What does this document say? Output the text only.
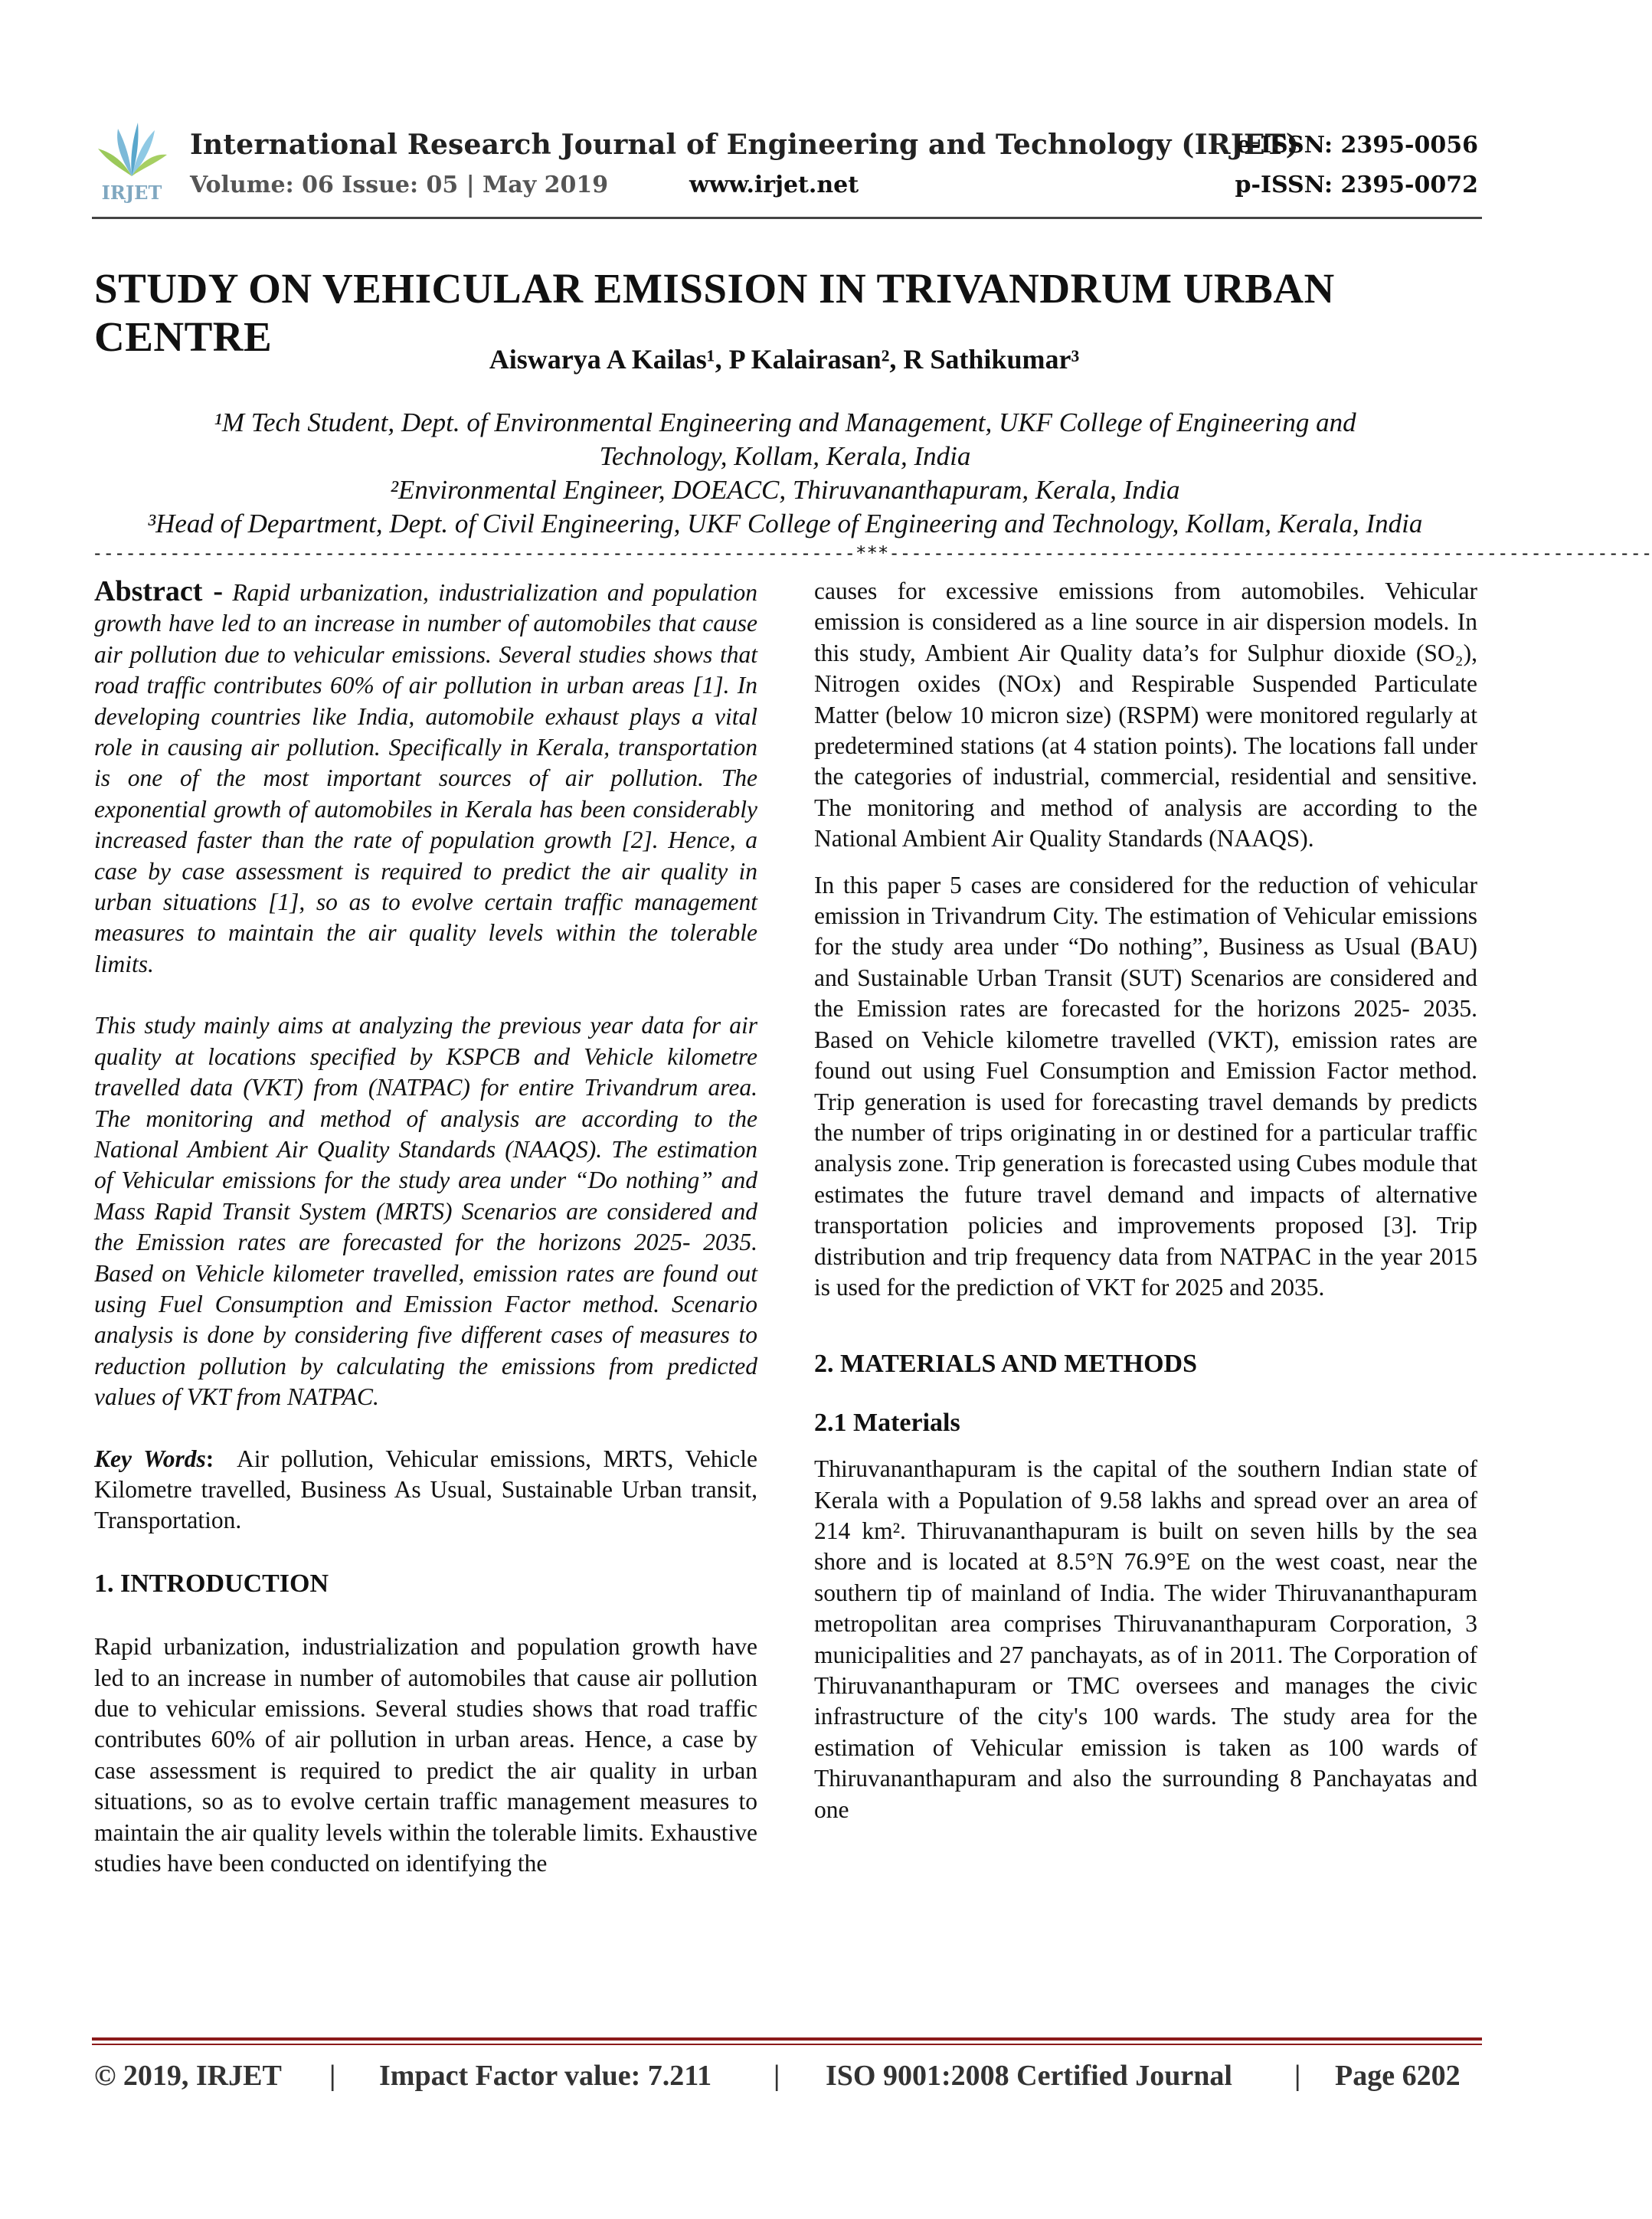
IRJET
International Research Journal of Engineering and Technology (IRJET)
e-ISSN: 2395-0056
Volume: 06 Issue: 05 | May 2019	www.irjet.net	p-ISSN: 2395-0072
STUDY ON VEHICULAR EMISSION IN TRIVANDRUM URBAN CENTRE	Aiswarya A Kailas¹, P Kalairasan², R Sathikumar³
¹M Tech Student, Dept. of Environmental Engineering and Management, UKF College of Engineering and
Technology, Kollam, Kerala, India
²Environmental Engineer, DOEACC, Thiruvananthapuram, Kerala, India
³Head of Department, Dept. of Civil Engineering, UKF College of Engineering and Technology, Kollam, Kerala, India
---------------------------------------------------------------------***---------------------------------------------------------------------

Abstract - Rapid urbanization, industrialization and population growth have led to an increase in number of automobiles that cause air pollution due to vehicular emissions. Several studies shows that road traffic contributes 60% of air pollution in urban areas [1]. In developing countries like India, automobile exhaust plays a vital role in causing air pollution. Specifically in Kerala, transportation is one of the most important sources of air pollution. The exponential growth of automobiles in Kerala has been considerably increased faster than the rate of population growth [2]. Hence, a case by case assessment is required to predict the air quality in urban situations [1], so as to evolve certain traffic management measures to maintain the air quality levels within the tolerable limits.

This study mainly aims at analyzing the previous year data for air quality at locations specified by KSPCB and Vehicle kilometre travelled data (VKT) from (NATPAC) for entire Trivandrum area. The monitoring and method of analysis are according to the National Ambient Air Quality Standards (NAAQS). The estimation of Vehicular emissions for the study area under “Do nothing” and Mass Rapid Transit System (MRTS) Scenarios are considered and the Emission rates are forecasted for the horizons 2025- 2035. Based on Vehicle kilometer travelled, emission rates are found out using Fuel Consumption and Emission Factor method. Scenario analysis is done by considering five different cases of measures to reduction pollution by calculating the emissions from predicted values of VKT from NATPAC.

Key Words: Air pollution, Vehicular emissions, MRTS, Vehicle Kilometre travelled, Business As Usual, Sustainable Urban transit, Transportation.

1. INTRODUCTION

Rapid urbanization, industrialization and population growth have led to an increase in number of automobiles that cause air pollution due to vehicular emissions. Several studies shows that road traffic contributes 60% of air pollution in urban areas. Hence, a case by case assessment is required to predict the air quality in urban situations, so as to evolve certain traffic management measures to maintain the air quality levels within the tolerable limits. Exhaustive studies have been conducted on identifying the

causes for excessive emissions from automobiles. Vehicular emission is considered as a line source in air dispersion models. In this study, Ambient Air Quality data’s for Sulphur dioxide (SO₂), Nitrogen oxides (NOx) and Respirable Suspended Particulate Matter (below 10 micron size) (RSPM) were monitored regularly at predetermined stations (at 4 station points). The locations fall under the categories of industrial, commercial, residential and sensitive. The monitoring and method of analysis are according to the National Ambient Air Quality Standards (NAAQS).

In this paper 5 cases are considered for the reduction of vehicular emission in Trivandrum City. The estimation of Vehicular emissions for the study area under “Do nothing”, Business as Usual (BAU) and Sustainable Urban Transit (SUT) Scenarios are considered and the Emission rates are forecasted for the horizons 2025- 2035. Based on Vehicle kilometre travelled (VKT), emission rates are found out using Fuel Consumption and Emission Factor method. Trip generation is used for forecasting travel demands by predicts the number of trips originating in or destined for a particular traffic analysis zone. Trip generation is forecasted using Cubes module that estimates the future travel demand and impacts of alternative transportation policies and improvements proposed [3]. Trip distribution and trip frequency data from NATPAC in the year 2015 is used for the prediction of VKT for 2025 and 2035.

2. MATERIALS AND METHODS

2.1 Materials

Thiruvananthapuram is the capital of the southern Indian state of Kerala with a Population of 9.58 lakhs and spread over an area of 214 km². Thiruvananthapuram is built on seven hills by the sea shore and is located at 8.5°N 76.9°E on the west coast, near the southern tip of mainland of India. The wider Thiruvananthapuram metropolitan area comprises Thiruvananthapuram Corporation, 3 municipalities and 27 panchayats, as of in 2011. The Corporation of Thiruvananthapuram or TMC oversees and manages the civic infrastructure of the city's 100 wards. The study area for the estimation of Vehicular emission is taken as 100 wards of Thiruvananthapuram and also the surrounding 8 Panchayatas and one

© 2019, IRJET | Impact Factor value: 7.211 | ISO 9001:2008 Certified Journal | Page 6202
